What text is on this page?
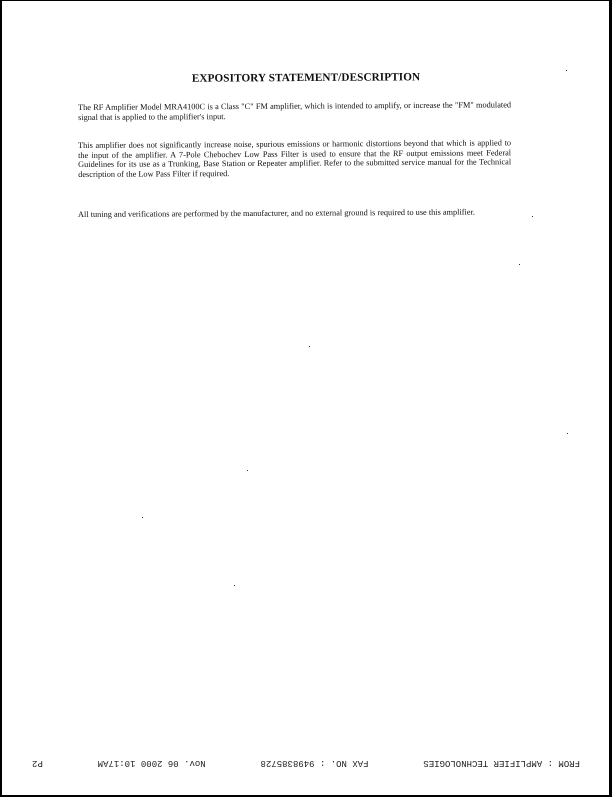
EXPOSITORY STATEMENT/DESCRIPTION
The RF Amplifier Model MRA4100C is a Class "C" FM amplifier, which is intended to amplify, or increase the "FM" modulated signal that is applied to the amplifier's input.
This amplifier does not significantly increase noise, spurious emissions or harmonic distortions beyond that which is applied to the input of the amplifier. A 7-Pole Chebochev Low Pass Filter is used to ensure that the RF output emissions meet Federal Guidelines for its use as a Trunking, Base Station or Repeater amplifier. Refer to the submitted service manual for the Technical description of the Low Pass Filter if required.
All tuning and verifications are performed by the manufacturer, and no external ground is required to use this amplifier.
FROM : AMPLIFIER TECHNOLOGIES
FAX NO. : 9498385728
Nov. 06 2000 10:17AM
P2
